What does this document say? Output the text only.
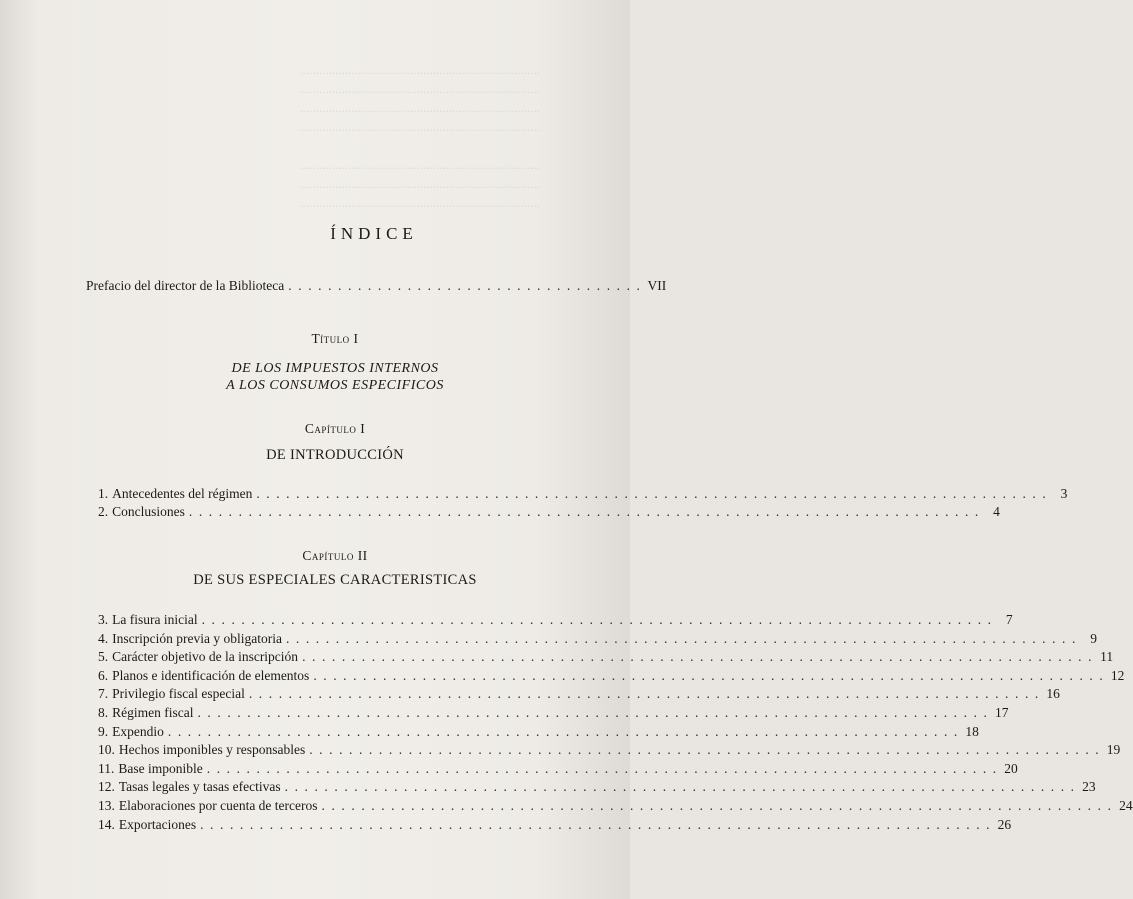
..........................................................................
..........................................................................
..........................................................................
..........................................................................

..........................................................................
..........................................................................
..........................................................................
ÍNDICE
Prefacio del director de la Biblioteca . . . . . . . . . . . . . . . . . . . . . . . . . . . . . . . . . . . . VII
Título I
DE LOS IMPUESTOS INTERNOS
A LOS CONSUMOS ESPECIFICOS
Capítulo I
DE INTRODUCCIÓN
1. Antecedentes del régimen . . . . . . . . . . . . . . . . . . . . . . . . . . . . . . . . . . . . . . . . . . . . . . . . . . . . . . . . . . . . . . . . . . . . . . . . . . . . . . . . 3
2. Conclusiones . . . . . . . . . . . . . . . . . . . . . . . . . . . . . . . . . . . . . . . . . . . . . . . . . . . . . . . . . . . . . . . . . . . . . . . . . . . . . . . . 4
Capítulo II
DE SUS ESPECIALES CARACTERISTICAS
3. La fisura inicial . . . . . . . . . . . . . . . . . . . . . . . . . . . . . . . . . . . . . . . . . . . . . . . . . . . . . . . . . . . . . . . . . . . . . . . . . . . . . . . . 7
4. Inscripción previa y obligatoria . . . . . . . . . . . . . . . . . . . . . . . . . . . . . . . . . . . . . . . . . . . . . . . . . . . . . . . . . . . . . . . . . . . . . . . . . . . . . . . . 9
5. Carácter objetivo de la inscripción . . . . . . . . . . . . . . . . . . . . . . . . . . . . . . . . . . . . . . . . . . . . . . . . . . . . . . . . . . . . . . . . . . . . . . . . . . . . . . . . 11
6. Planos e identificación de elementos . . . . . . . . . . . . . . . . . . . . . . . . . . . . . . . . . . . . . . . . . . . . . . . . . . . . . . . . . . . . . . . . . . . . . . . . . . . . . . . . 12
7. Privilegio fiscal especial . . . . . . . . . . . . . . . . . . . . . . . . . . . . . . . . . . . . . . . . . . . . . . . . . . . . . . . . . . . . . . . . . . . . . . . . . . . . . . . . 16
8. Régimen fiscal . . . . . . . . . . . . . . . . . . . . . . . . . . . . . . . . . . . . . . . . . . . . . . . . . . . . . . . . . . . . . . . . . . . . . . . . . . . . . . . . 17
9. Expendio . . . . . . . . . . . . . . . . . . . . . . . . . . . . . . . . . . . . . . . . . . . . . . . . . . . . . . . . . . . . . . . . . . . . . . . . . . . . . . . . 18
10. Hechos imponibles y responsables . . . . . . . . . . . . . . . . . . . . . . . . . . . . . . . . . . . . . . . . . . . . . . . . . . . . . . . . . . . . . . . . . . . . . . . . . . . . . . . . 19
11. Base imponible . . . . . . . . . . . . . . . . . . . . . . . . . . . . . . . . . . . . . . . . . . . . . . . . . . . . . . . . . . . . . . . . . . . . . . . . . . . . . . . . 20
12. Tasas legales y tasas efectivas . . . . . . . . . . . . . . . . . . . . . . . . . . . . . . . . . . . . . . . . . . . . . . . . . . . . . . . . . . . . . . . . . . . . . . . . . . . . . . . . 23
13. Elaboraciones por cuenta de terceros . . . . . . . . . . . . . . . . . . . . . . . . . . . . . . . . . . . . . . . . . . . . . . . . . . . . . . . . . . . . . . . . . . . . . . . . . . . . . . . . 24
14. Exportaciones . . . . . . . . . . . . . . . . . . . . . . . . . . . . . . . . . . . . . . . . . . . . . . . . . . . . . . . . . . . . . . . . . . . . . . . . . . . . . . . . 26
